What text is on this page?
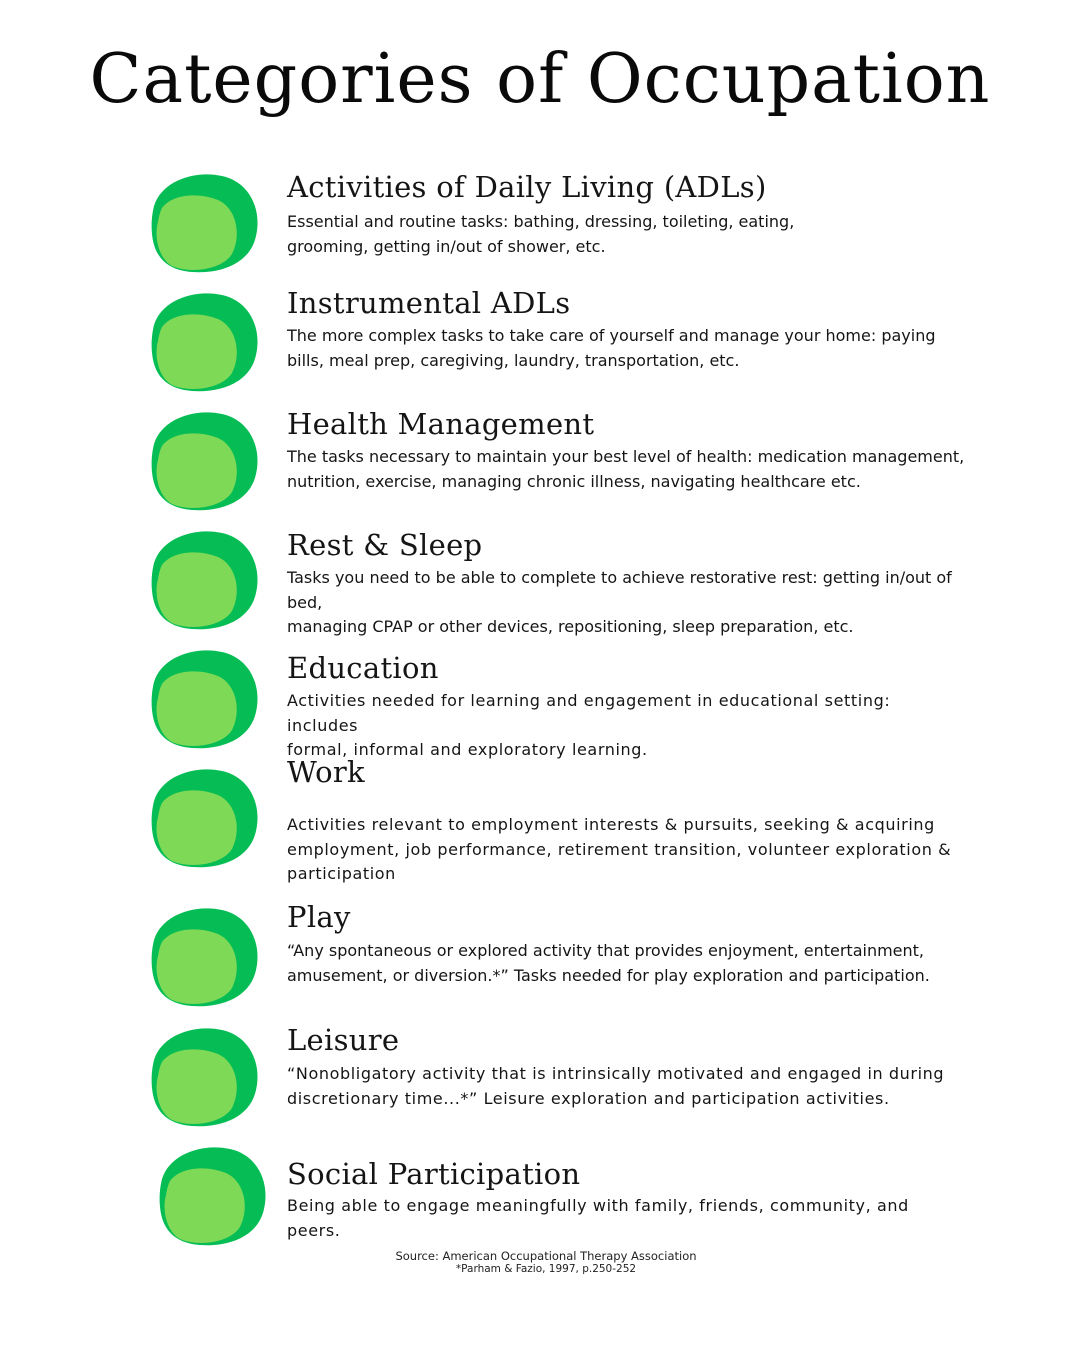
Categories of Occupation
Activities of Daily Living (ADLs)
Essential and routine tasks: bathing, dressing, toileting, eating,
grooming, getting in/out of shower, etc.
Instrumental ADLs
The more complex tasks to take care of yourself and manage your home: paying
bills, meal prep, caregiving, laundry, transportation, etc.
Health Management
The tasks necessary to maintain your best level of health: medication management,
nutrition, exercise, managing chronic illness, navigating healthcare etc.
Rest & Sleep
Tasks you need to be able to complete to achieve restorative rest: getting in/out of bed,
managing CPAP or other devices, repositioning, sleep preparation, etc.
Education
Activities needed for learning and engagement in educational setting: includes
formal, informal and exploratory learning.
Work
Activities relevant to employment interests & pursuits, seeking & acquiring
employment, job performance, retirement transition, volunteer exploration &
participation
Play
“Any spontaneous or explored activity that provides enjoyment, entertainment,
amusement, or diversion.*” Tasks needed for play exploration and participation.
Leisure
“Nonobligatory activity that is intrinsically motivated and engaged in during
discretionary time...*” Leisure exploration and participation activities.
Social Participation
Being able to engage meaningfully with family, friends, community, and peers.
Source: American Occupational Therapy Association
*Parham & Fazio, 1997, p.250-252
